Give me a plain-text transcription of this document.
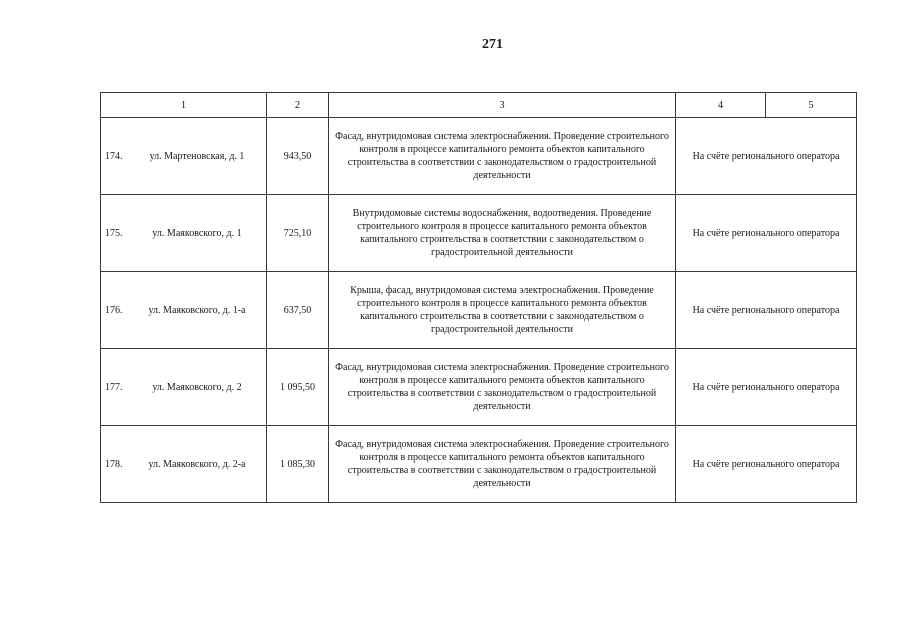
271
1	2	3	4	5
174. ул. Мартеновская, д. 1	943,50	Фасад, внутридомовая система электроснабжения. Проведение строительного контроля в процессе капитального ремонта объектов капитального строительства в соответствии с законодательством о градостроительной деятельности	На счёте регионального оператора	
175. ул. Маяковского, д. 1	725,10	Внутридомовые системы водоснабжения, водоотведения. Проведение строительного контроля в процессе капитального ремонта объектов капитального строительства в соответствии с законодательством о градостроительной деятельности	На счёте регионального оператора	
176. ул. Маяковского, д. 1-а	637,50	Крыша, фасад, внутридомовая система электроснабжения. Проведение строительного контроля в процессе капитального ремонта объектов капитального строительства в соответствии с законодательством о градостроительной деятельности	На счёте регионального оператора	
177. ул. Маяковского, д. 2	1 095,50	Фасад, внутридомовая система электроснабжения. Проведение строительного контроля в процессе капитального ремонта объектов капитального строительства в соответствии с законодательством о градостроительной деятельности	На счёте регионального оператора	
178. ул. Маяковского, д. 2-а	1 085,30	Фасад, внутридомовая система электроснабжения. Проведение строительного контроля в процессе капитального ремонта объектов капитального строительства в соответствии с законодательством о градостроительной деятельности	На счёте регионального оператора	
